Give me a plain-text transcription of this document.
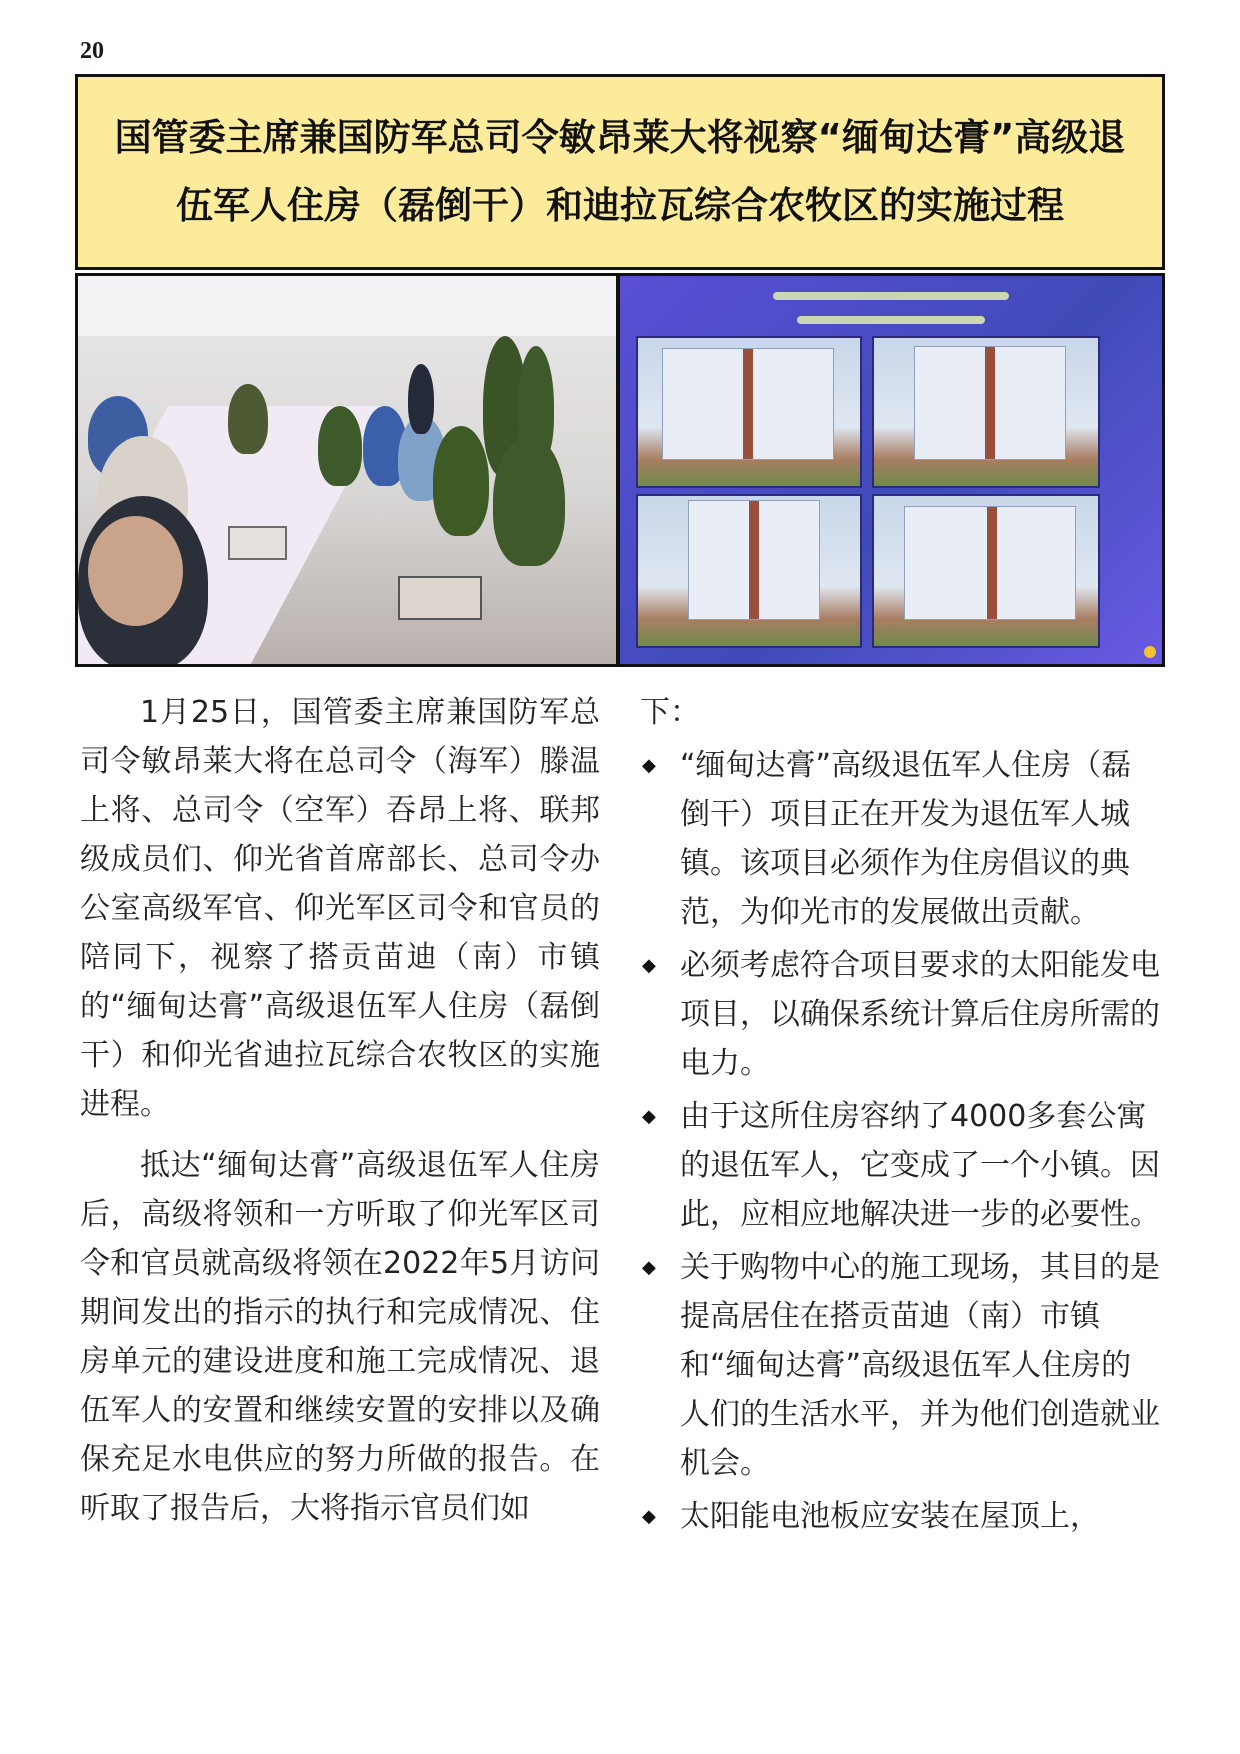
20
国管委主席兼国防军总司令敏昂莱大将视察“缅甸达膏”高级退
伍军人住房（磊倒干）和迪拉瓦综合农牧区的实施过程

1月25日，国管委主席兼国防军总司令敏昂莱大将在总司令（海军）滕温上将、总司令（空军）吞昂上将、联邦级成员们、仰光省首席部长、总司令办公室高级军官、仰光军区司令和官员的陪同下，视察了搭贡苗迪（南）市镇的“缅甸达膏”高级退伍军人住房（磊倒干）和仰光省迪拉瓦综合农牧区的实施进程。

抵达“缅甸达膏”高级退伍军人住房后，高级将领和一方听取了仰光军区司令和官员就高级将领在2022年5月访问期间发出的指示的执行和完成情况、住房单元的建设进度和施工完成情况、退伍军人的安置和继续安置的安排以及确保充足水电供应的努力所做的报告。在听取了报告后，大将指示官员们如

下：

◆ “缅甸达膏”高级退伍军人住房（磊倒干）项目正在开发为退伍军人城镇。该项目必须作为住房倡议的典范，为仰光市的发展做出贡献。
◆ 必须考虑符合项目要求的太阳能发电项目，以确保系统计算后住房所需的电力。
◆ 由于这所住房容纳了4000多套公寓的退伍军人，它变成了一个小镇。因此，应相应地解决进一步的必要性。
◆ 关于购物中心的施工现场，其目的是提高居住在搭贡苗迪（南）市镇和“缅甸达膏”高级退伍军人住房的人们的生活水平，并为他们创造就业机会。
◆ 太阳能电池板应安装在屋顶上，
